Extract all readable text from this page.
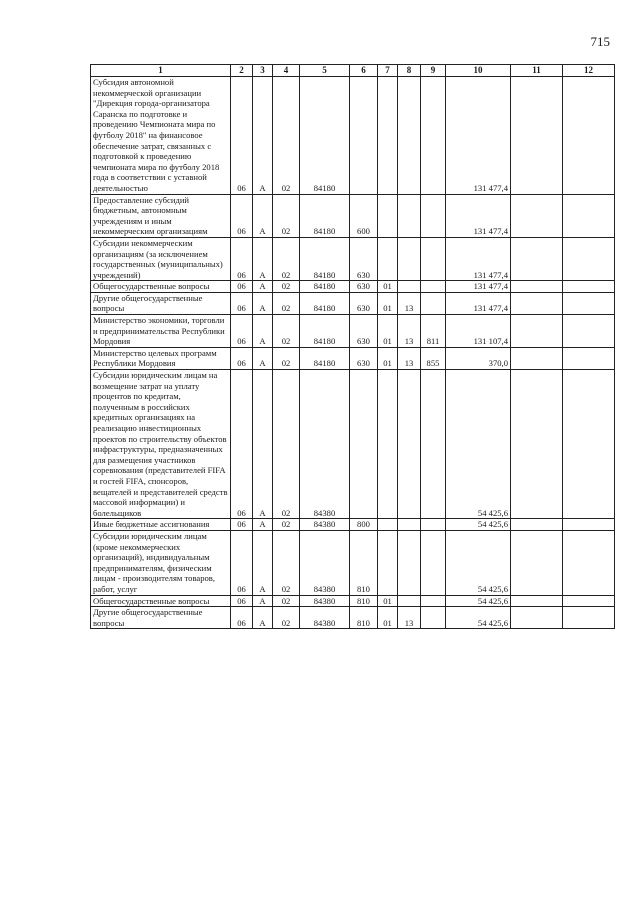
715
1	2	3	4	5	6	7	8	9	10	11	12
Субсидия автономной некоммерческой организации "Дирекция города-организатора Саранска по подготовке и проведению Чемпионата мира по футболу 2018" на финансовое обеспечение затрат, связанных с подготовкой к проведению чемпионата мира по футболу 2018 года в соответствии с уставной деятельностью	06	А	02	84180					131 477,4		
Предоставление субсидий бюджетным, автономным учреждениям и иным некоммерческим организациям	06	А	02	84180	600				131 477,4		
Субсидии некоммерческим организациям (за исключением государственных (муниципальных) учреждений)	06	А	02	84180	630				131 477,4		
Общегосударственные вопросы	06	А	02	84180	630	01			131 477,4		
Другие общегосударственные вопросы	06	А	02	84180	630	01	13		131 477,4		
Министерство экономики, торговли и предпринимательства Республики Мордовия	06	А	02	84180	630	01	13	811	131 107,4		
Министерство целевых программ Республики Мордовия	06	А	02	84180	630	01	13	855	370,0		
Субсидии юридическим лицам на возмещение затрат на уплату процентов по кредитам, полученным в российских кредитных организациях на реализацию инвестиционных проектов по строительству объектов инфраструктуры, предназначенных для размещения участников соревнования (представителей FIFA и гостей FIFA, спонсоров, вещателей и представителей средств массовой информации) и болельщиков	06	А	02	84380					54 425,6		
Иные бюджетные ассигнования	06	А	02	84380	800				54 425,6		
Субсидии юридическим лицам (кроме некоммерческих организаций), индивидуальным предпринимателям, физическим лицам - производителям товаров, работ, услуг	06	А	02	84380	810				54 425,6		
Общегосударственные вопросы	06	А	02	84380	810	01			54 425,6		
Другие общегосударственные вопросы	06	А	02	84380	810	01	13		54 425,6		
